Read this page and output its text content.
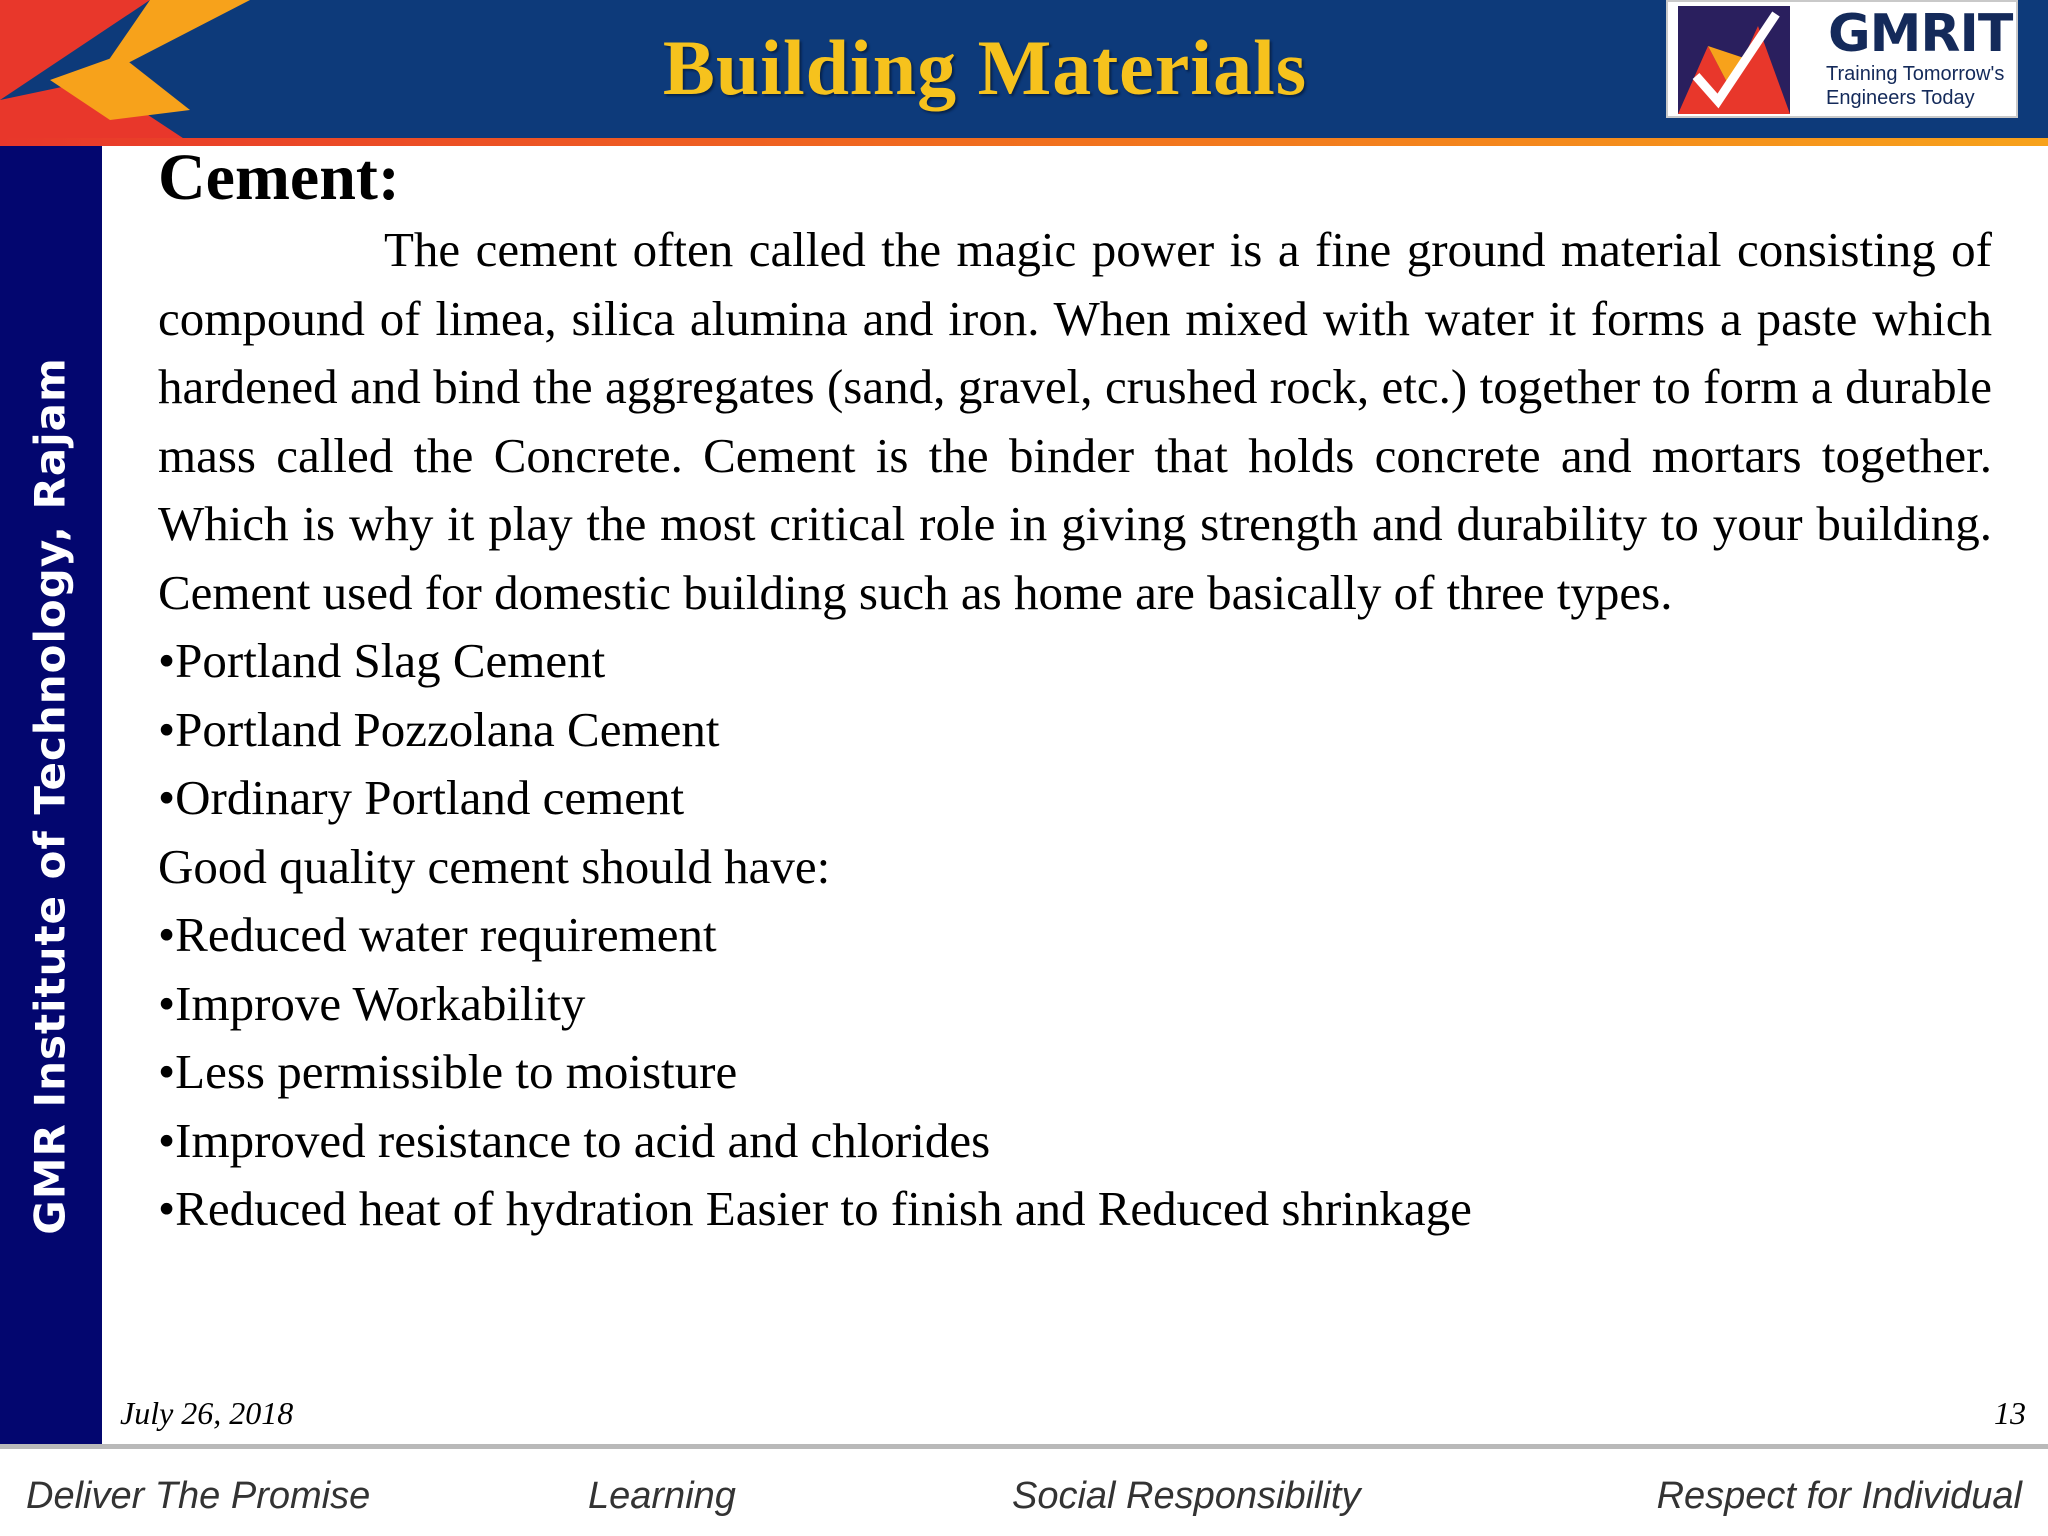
Building Materials	GMRIT
Training Tomorrow's
Engineers Today
GMR Institute of Technology, Rajam
Cement:

The cement often called the magic power is a fine ground material consisting of compound of limea, silica alumina and iron. When mixed with water it forms a paste which hardened and bind the aggregates (sand, gravel, crushed rock, etc.) together to form a durable mass called the Concrete. Cement is the binder that holds concrete and mortars together. Which is why it play the most critical role in giving strength and durability to your building. Cement used for domestic building such as home are basically of three types.

•Portland Slag Cement
•Portland Pozzolana Cement
•Ordinary Portland cement
Good quality cement should have:
•Reduced water requirement
•Improve Workability
•Less permissible to moisture
•Improved resistance to acid and chlorides
•Reduced heat of hydration Easier to finish and Reduced shrinkage
July 26, 2018	13
Deliver The Promise	Learning	Social Responsibility	Respect for Individual
